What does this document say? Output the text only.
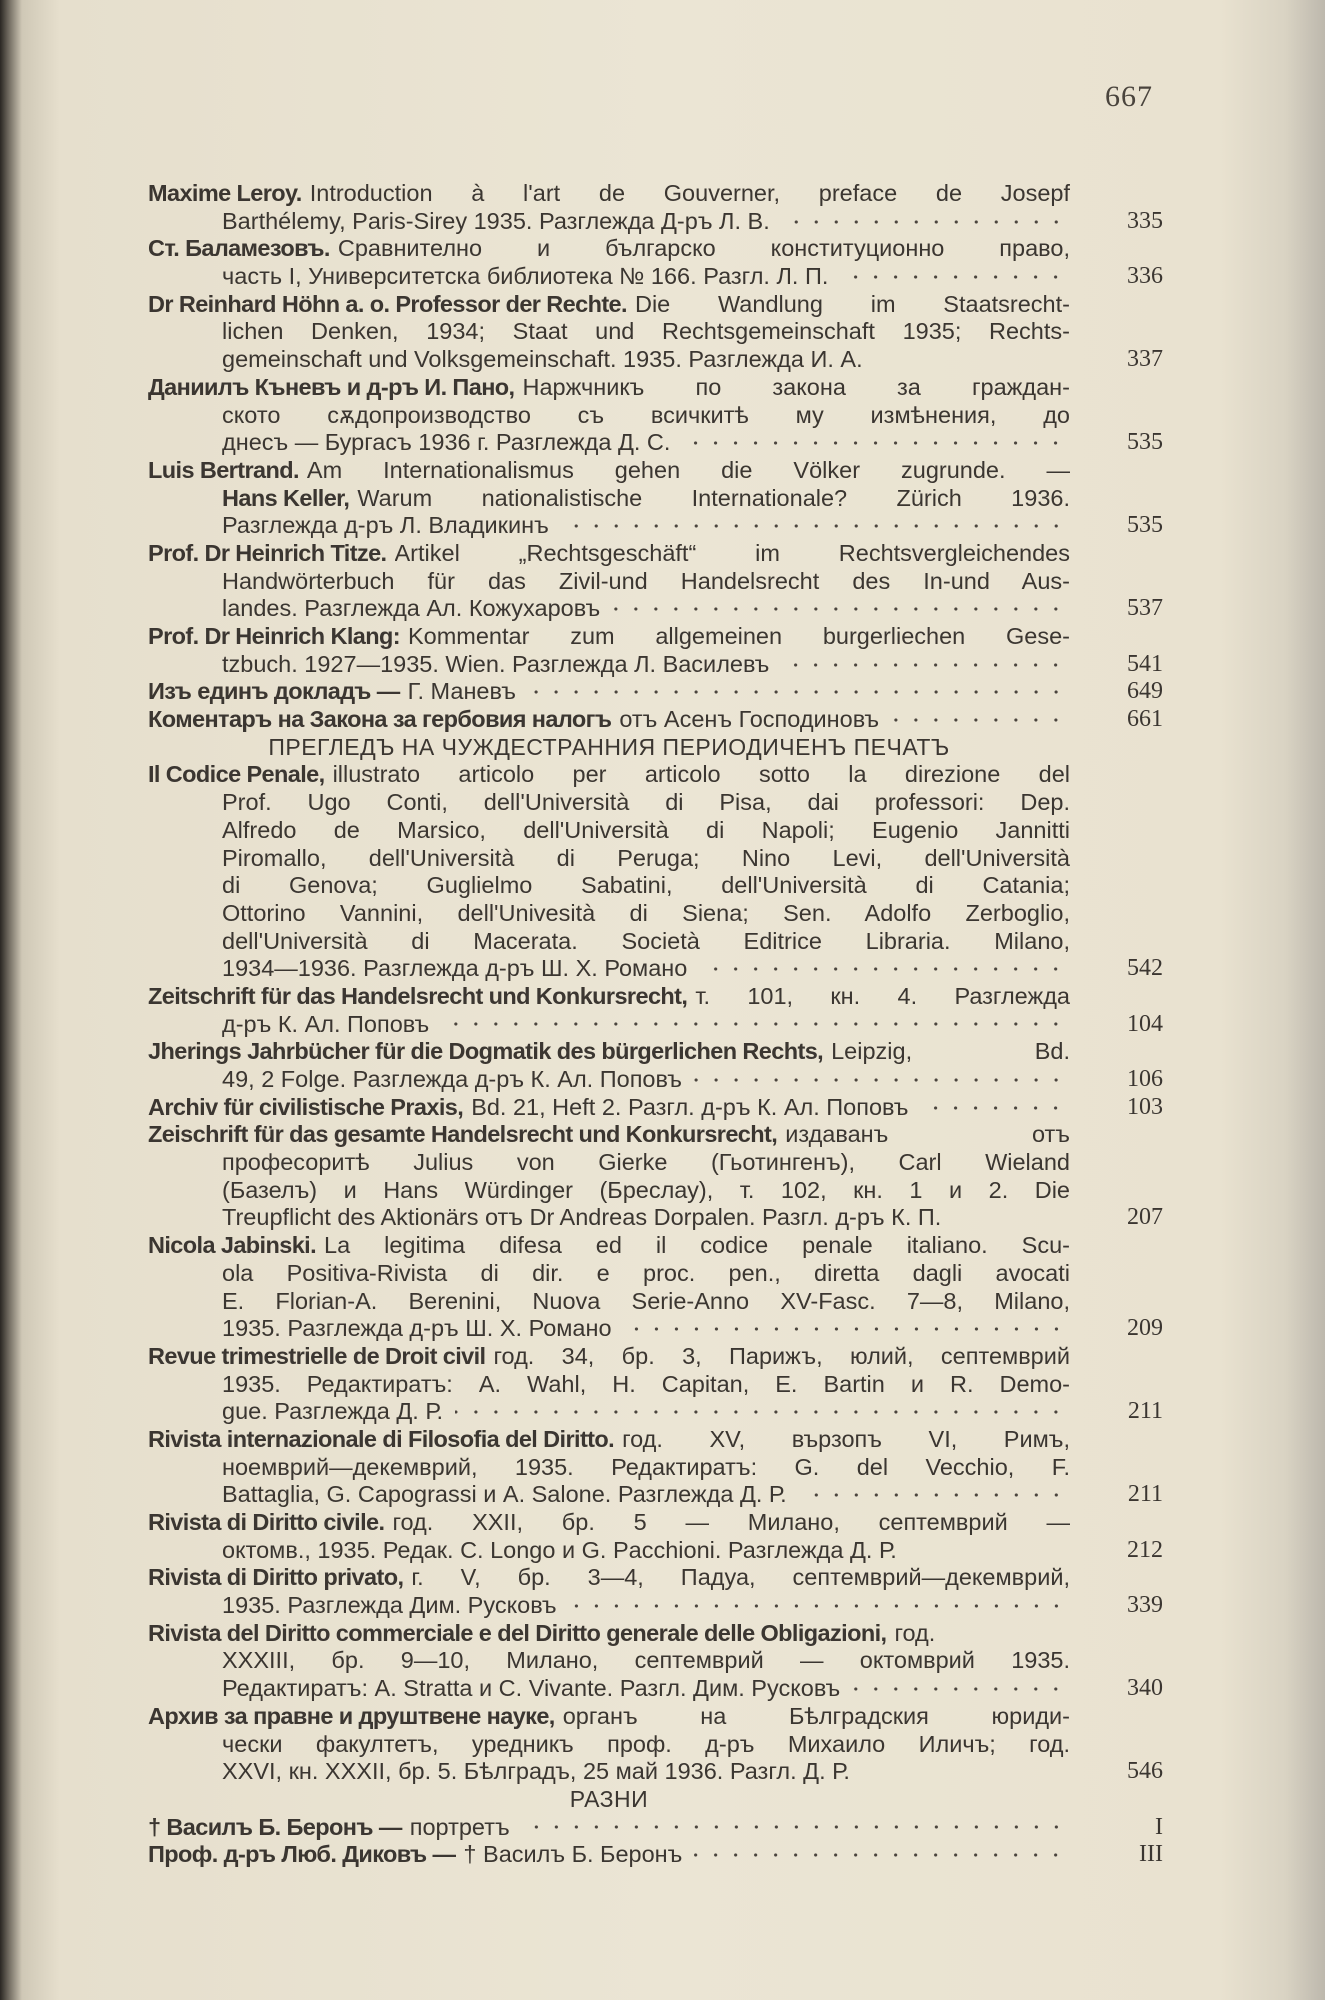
667
Maxime Leroy. Introduction à l'art de Gouverner, preface de Josepf
Barthélemy, Paris-Sirey 1935. Разглежда Д-ръ Л. В.	335
Ст. Баламезовъ. Сравнително и българско конституционно право,
часть I, Университетска библиотека № 166. Разгл. Л. П.	336
Dr Reinhard Höhn a. o. Professor der Rechte. Die Wandlung im Staatsrecht-
lichen Denken, 1934; Staat und Rechtsgemeinschaft 1935; Rechts-
gemeinschaft und Volksgemeinschaft. 1935. Разглежда И. А.	337
Даниилъ Къневъ и д-ръ И. Пано, Наржчникъ по закона за граждан-
ското сѫдопроизводство съ всичкитѣ му измѣнения, до
днесъ — Бургасъ 1936 г. Разглежда Д. С.	535
Luis Bertrand. Am Internationalismus gehen die Völker zugrunde. —
Hans Keller, Warum nationalistische Internationale? Zürich 1936.
Разглежда д-ръ Л. Владикинъ	535
Prof. Dr Heinrich Titze. Artikel „Rechtsgeschäft“ im Rechtsvergleichendes
Handwörterbuch für das Zivil-und Handelsrecht des In-und Aus-
landes. Разглежда Ал. Кожухаровъ	537
Prof. Dr Heinrich Klang: Kommentar zum allgemeinen burgerliechen Gese-
tzbuch. 1927—1935. Wien. Разглежда Л. Василевъ	541
Изъ единъ докладъ — Г. Маневъ	649
Коментаръ на Закона за гербовия налогъ отъ Асенъ Господиновъ	661
ПРЕГЛЕДЪ НА ЧУЖДЕСТРАННИЯ ПЕРИОДИЧЕНЪ ПЕЧАТЪ
Il Codice Penale, illustrato articolo per articolo sotto la direzione del
Prof. Ugo Conti, dell'Università di Pisa, dai professori: Dep.
Alfredo de Marsico, dell'Università di Napoli; Eugenio Jannitti
Piromallo, dell'Università di Peruga; Nino Levi, dell'Università
di Genova; Guglielmo Sabatini, dell'Università di Catania;
Ottorino Vannini, dell'Univesità di Siena; Sen. Adolfo Zerboglio,
dell'Università di Macerata. Società Editrice Libraria. Milano,
1934—1936. Разглежда д-ръ Ш. Х. Романо	542
Zeitschrift für das Handelsrecht und Konkursrecht, т. 101, кн. 4. Разглежда
д-ръ К. Ал. Поповъ	104
Jherings Jahrbücher für die Dogmatik des bürgerlichen Rechts, Leipzig, Bd.
49, 2 Folge. Разглежда д-ръ К. Ал. Поповъ	106
Archiv für civilistische Praxis, Bd. 21, Heft 2. Разгл. д-ръ К. Ал. Поповъ	103
Zeischrift für das gesamte Handelsrecht und Konkursrecht, издаванъ отъ
професоритѣ Julius von Gierke (Гьотингенъ), Carl Wieland
(Базелъ) и Hans Würdinger (Бреслау), т. 102, кн. 1 и 2. Die
Treupflicht des Aktionärs отъ Dr Andreas Dorpalen. Разгл. д-ръ К. П.	207
Nicola Jabinski. La legitima difesa ed il codice penale italiano. Scu-
ola Positiva-Rivista di dir. e proc. pen., diretta dagli avocati
E. Florian-A. Berenini, Nuova Serie-Anno XV-Fasc. 7—8, Milano,
1935. Разглежда д-ръ Ш. Х. Романо	209
Revue trimestrielle de Droit civil год. 34, бр. 3, Парижъ, юлий, септемврий
1935. Редактиратъ: A. Wahl, H. Capitan, E. Bartin и R. Demo-
gue. Разглежда Д. Р.	211
Rivista internazionale di Filosofia del Diritto. год. XV, вързопъ VI, Римъ,
ноемврий—декемврий, 1935. Редактиратъ: G. del Vecchio, F.
Battaglia, G. Capograssi и A. Salone. Разглежда Д. Р.	211
Rivista di Diritto civile. год. XXII, бр. 5 — Милано, септемврий —
октомв., 1935. Редак. C. Longo и G. Pacchioni. Разглежда Д. Р.	212
Rivista di Diritto privato, г. V, бр. 3—4, Падуа, септемврий—декемврий,
1935. Разглежда Дим. Русковъ	339
Rivista del Diritto commerciale e del Diritto generale delle Obligazioni, год.
XXXIII, бр. 9—10, Милано, септемврий — октомврий 1935.
Редактиратъ: A. Stratta и C. Vivante. Разгл. Дим. Русковъ	340
Архив за правне и друштвене науке, органъ на Бѣлградския юриди-
чески факултетъ, уредникъ проф. д-ръ Михаило Иличъ; год.
XXVI, кн. XXXII, бр. 5. Бѣлградъ, 25 май 1936. Разгл. Д. Р.	546
РАЗНИ
† Василъ Б. Беронъ — портретъ	I
Проф. д-ръ Люб. Диковъ — † Василъ Б. Беронъ	III
